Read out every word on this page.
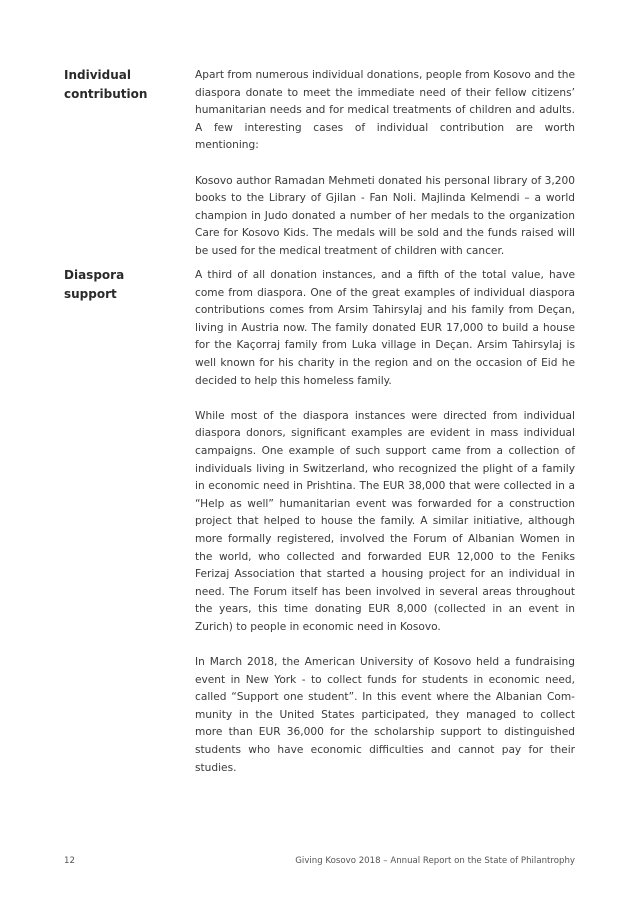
Individual
contribution

Apart from numerous individual donations, people from Kosovo and the diaspora donate to meet the immediate need of their fellow citizens’ humanitarian needs and for medical treatments of children and adults. A few interesting cases of individual contribution are worth mentioning:

Kosovo author Ramadan Mehmeti donated his personal library of 3,200 books to the Library of Gjilan - Fan Noli. Majlinda Kelmendi – a world champion in Judo donated a number of her medals to the organization Care for Kosovo Kids. The medals will be sold and the funds raised will be used for the medical treatment of children with cancer.

Diaspora
support

A third of all donation instances, and a fifth of the total value, have come from diaspora. One of the great examples of individual diaspora contributions comes from Arsim Tahirsylaj and his family from Deçan, living in Austria now. The family donated EUR 17,000 to build a house for the Kaçorraj family from Luka village in Deçan. Arsim Tahirsylaj is well known for his charity in the region and on the occasion of Eid he decided to help this homeless family.

While most of the diaspora instances were directed from individual diaspora donors, significant examples are evident in mass individual campaigns. One example of such support came from a collection of individuals living in Switzerland, who recognized the plight of a family in economic need in Prishtina. The EUR 38,000 that were collected in a “Help as well” humanitarian event was forwarded for a construction project that helped to house the family. A similar initiative, although more formally registered, involved the Forum of Albanian Women in the world, who collected and forwarded EUR 12,000 to the Feniks Ferizaj Association that started a housing project for an individual in need. The Forum itself has been involved in several areas throughout the years, this time donating EUR 8,000 (collected in an event in Zurich) to people in economic need in Kosovo.

In March 2018, the American University of Kosovo held a fundraising event in New York - to collect funds for students in economic need, called “Support one student”. In this event where the Albanian Community in the United States participated, they managed to collect more than EUR 36,000 for the scholarship support to distinguished students who have economic difficulties and cannot pay for their studies.

12	Giving Kosovo 2018 – Annual Report on the State of Philantrophy
